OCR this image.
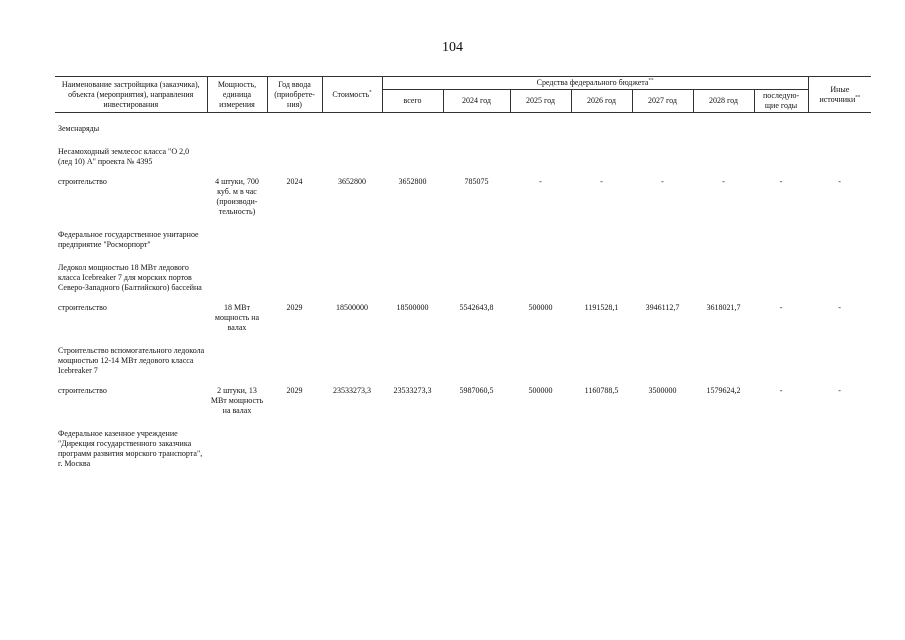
104
Наименование застройщика (заказчика), объекта (мероприятия), направления инвестирования	Мощность, единица измерения	Год ввода (приобрете-ния)	Стоимость*	Средства федерального бюджета**							Иные источники**
				всего	2024 год	2025 год	2026 год	2027 год	2028 год	последую-щие годы	
Земснаряды											
Несамоходный землесос класса "О 2,0 (лед 10) А" проекта № 4395											
строительство	4 штуки, 700 куб. м в час (производи-тельность)	2024	3652800	3652800	785075	-	-	-	-	-	-
Федеральное государственное унитарное предприятие "Росморпорт"											
Ледокол мощностью 18 МВт ледового класса Icebreaker 7 для морских портов Северо-Западного (Балтийского) бассейна											
строительство	18 МВт мощность на валах	2029	18500000	18500000	5542643,8	500000	1191528,1	3946112,7	3618021,7	-	-
Строительство вспомогательного ледокола мощностью 12-14 МВт ледового класса Icebreaker 7											
строительство	2 штуки, 13 МВт мощность на валах	2029	23533273,3	23533273,3	5987060,5	500000	1160788,5	3500000	1579624,2	-	-
Федеральное казенное учреждение "Дирекция государственного заказчика программ развития морского транспорта", г. Москва											
